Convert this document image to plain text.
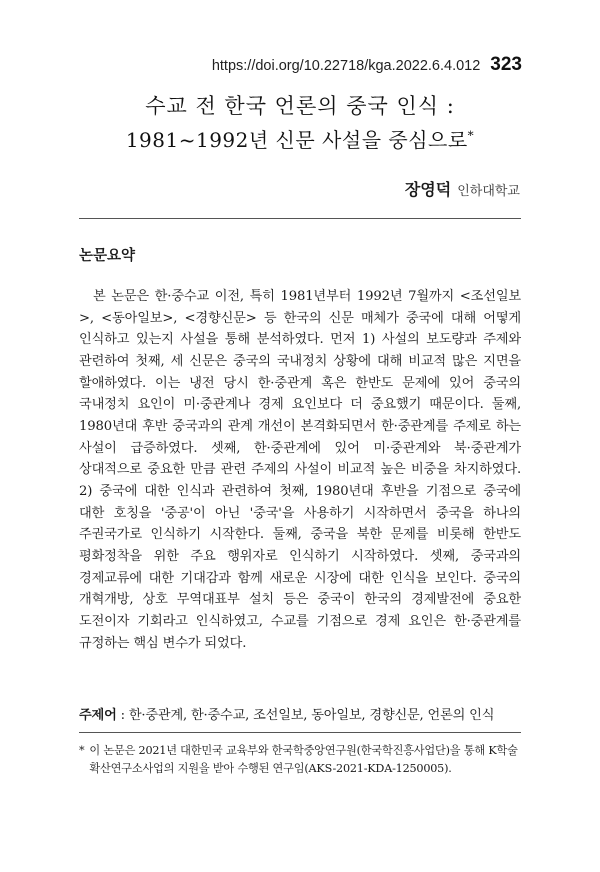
https://doi.org/10.22718/kga.2022.6.4.012 323
수교 전 한국 언론의 중국 인식 :
1981~1992년 신문 사설을 중심으로*
장영덕 인하대학교
논문요약
본 논문은 한·중수교 이전, 특히 1981년부터 1992년 7월까지 <조선일보>, <동아일보>, <경향신문> 등 한국의 신문 매체가 중국에 대해 어떻게 인식하고 있는지 사설을 통해 분석하였다. 먼저 1) 사설의 보도량과 주제와 관련하여 첫째, 세 신문은 중국의 국내정치 상황에 대해 비교적 많은 지면을 할애하였다. 이는 냉전 당시 한·중관계 혹은 한반도 문제에 있어 중국의 국내정치 요인이 미·중관계나 경제 요인보다 더 중요했기 때문이다. 둘째, 1980년대 후반 중국과의 관계 개선이 본격화되면서 한·중관계를 주제로 하는 사설이 급증하였다. 셋째, 한·중관계에 있어 미·중관계와 북·중관계가 상대적으로 중요한 만큼 관련 주제의 사설이 비교적 높은 비중을 차지하였다. 2) 중국에 대한 인식과 관련하여 첫째, 1980년대 후반을 기점으로 중국에 대한 호칭을 '중공'이 아닌 '중국'을 사용하기 시작하면서 중국을 하나의 주권국가로 인식하기 시작한다. 둘째, 중국을 북한 문제를 비롯해 한반도 평화정착을 위한 주요 행위자로 인식하기 시작하였다. 셋째, 중국과의 경제교류에 대한 기대감과 함께 새로운 시장에 대한 인식을 보인다. 중국의 개혁개방, 상호 무역대표부 설치 등은 중국이 한국의 경제발전에 중요한 도전이자 기회라고 인식하였고, 수교를 기점으로 경제 요인은 한·중관계를 규정하는 핵심 변수가 되었다.
주제어 : 한·중관계, 한·중수교, 조선일보, 동아일보, 경향신문, 언론의 인식
* 이 논문은 2021년 대한민국 교육부와 한국학중앙연구원(한국학진흥사업단)을 통해 K학술확산연구소사업의 지원을 받아 수행된 연구임(AKS-2021-KDA-1250005).
